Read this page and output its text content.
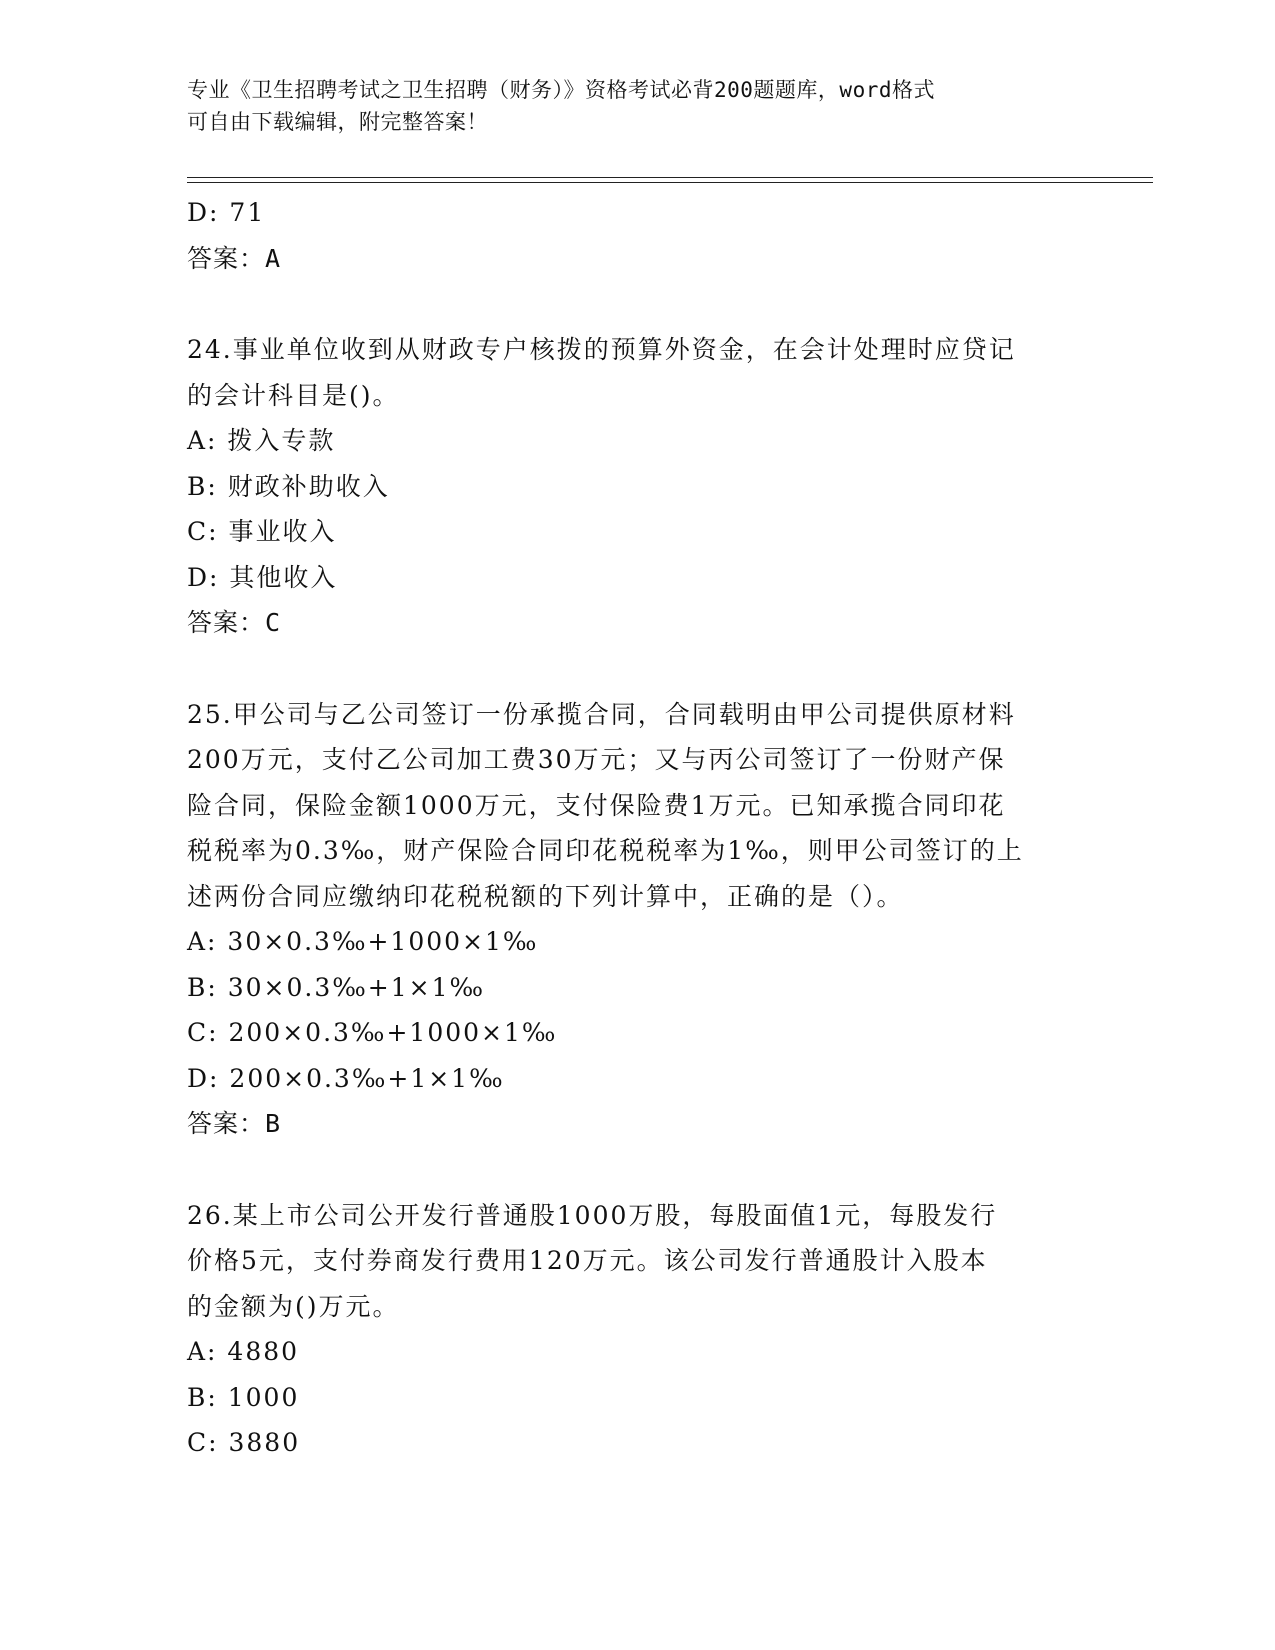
专业《卫生招聘考试之卫生招聘（财务）》资格考试必背200题题库，word格式
可自由下载编辑，附完整答案！
D: 71
答案：A
24.事业单位收到从财政专户核拨的预算外资金，在会计处理时应贷记
的会计科目是()。
A: 拨入专款
B: 财政补助收入
C: 事业收入
D: 其他收入
答案：C
25.甲公司与乙公司签订一份承揽合同，合同载明由甲公司提供原材料
200万元，支付乙公司加工费30万元；又与丙公司签订了一份财产保
险合同，保险金额1000万元，支付保险费1万元。已知承揽合同印花
税税率为0.3‰，财产保险合同印花税税率为1‰，则甲公司签订的上
述两份合同应缴纳印花税税额的下列计算中，正确的是（）。
A: 30×0.3‰+1000×1‰
B: 30×0.3‰+1×1‰
C: 200×0.3‰+1000×1‰
D: 200×0.3‰+1×1‰
答案：B
26.某上市公司公开发行普通股1000万股，每股面值1元，每股发行
价格5元，支付券商发行费用120万元。该公司发行普通股计入股本
的金额为()万元。
A: 4880
B: 1000
C: 3880
